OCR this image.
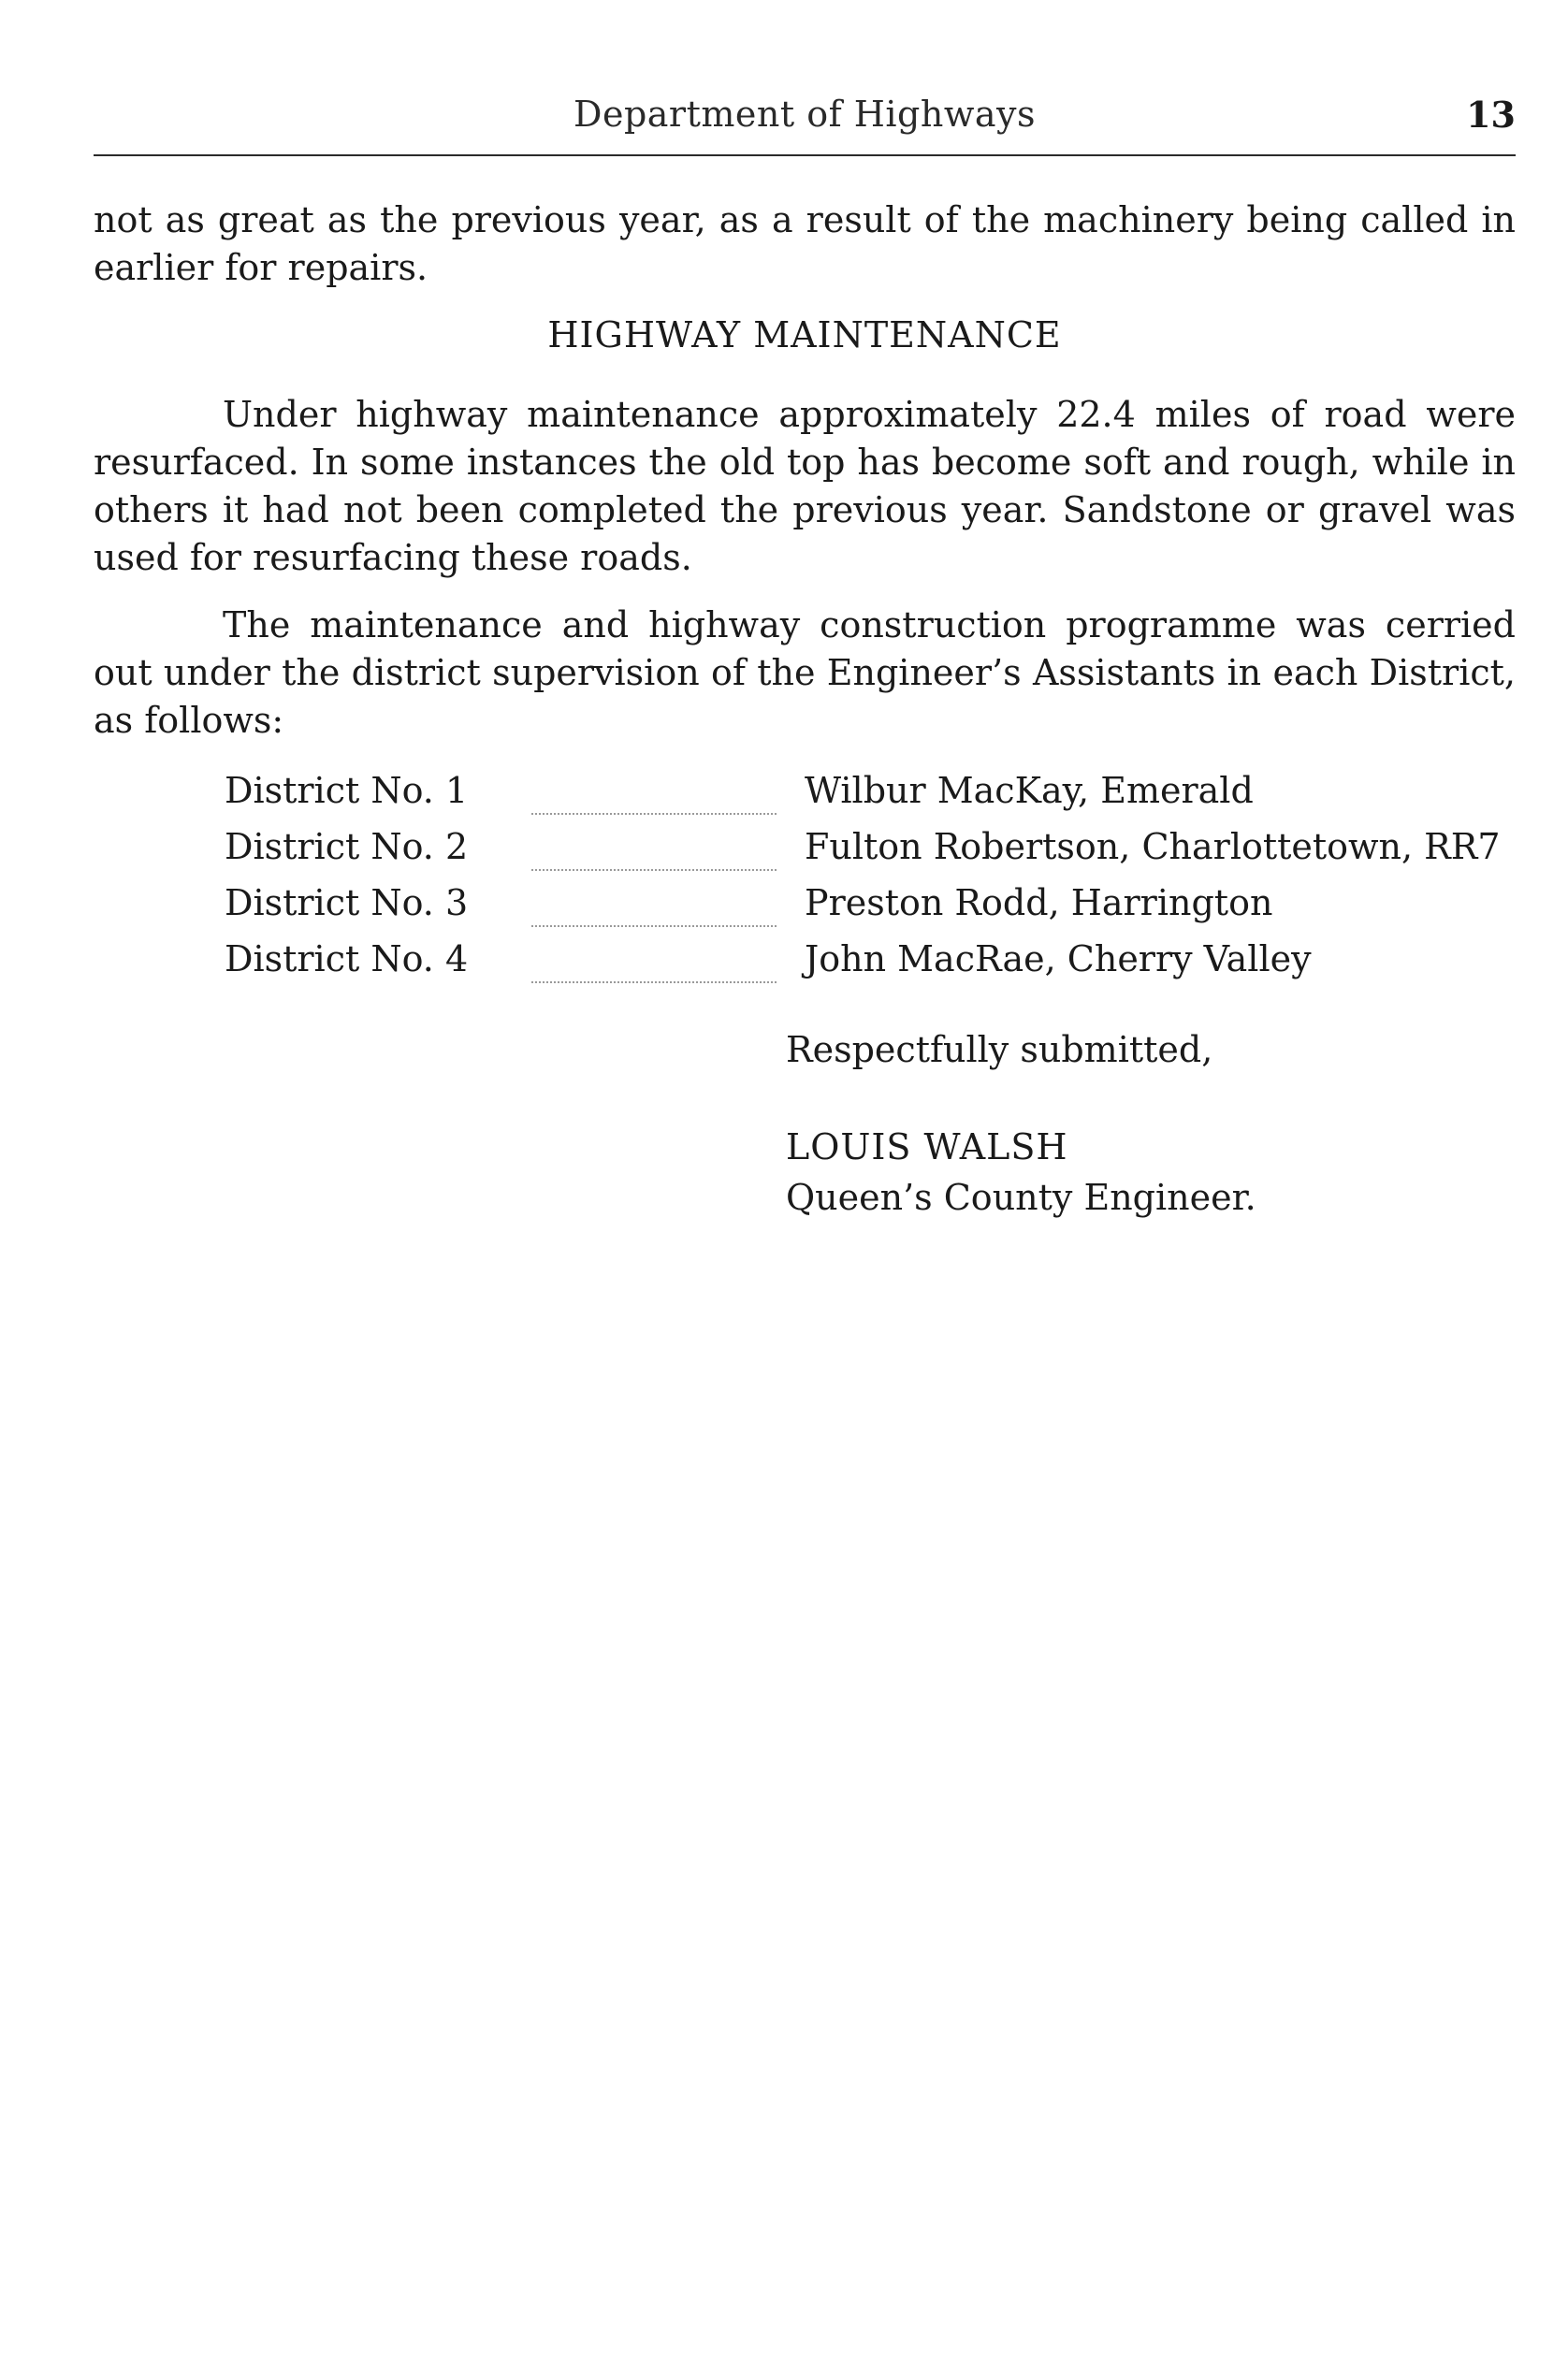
Department of Highways	13

not as great as the previous year, as a result of the machinery being called in earlier for repairs.

HIGHWAY MAINTENANCE

Under highway maintenance approximately 22.4 miles of road were resurfaced. In some instances the old top has become soft and rough, while in others it had not been completed the previous year. Sandstone or gravel was used for resurfacing these roads.

The maintenance and highway construction programme was cerried out under the district supervision of the Engineer’s Assistants in each District, as follows:

District No. 1	Wilbur MacKay, Emerald
District No. 2	Fulton Robertson, Charlottetown, RR7
District No. 3	Preston Rodd, Harrington
District No. 4	John MacRae, Cherry Valley
Respectfully submitted,
LOUIS WALSH
Queen’s County Engineer.
